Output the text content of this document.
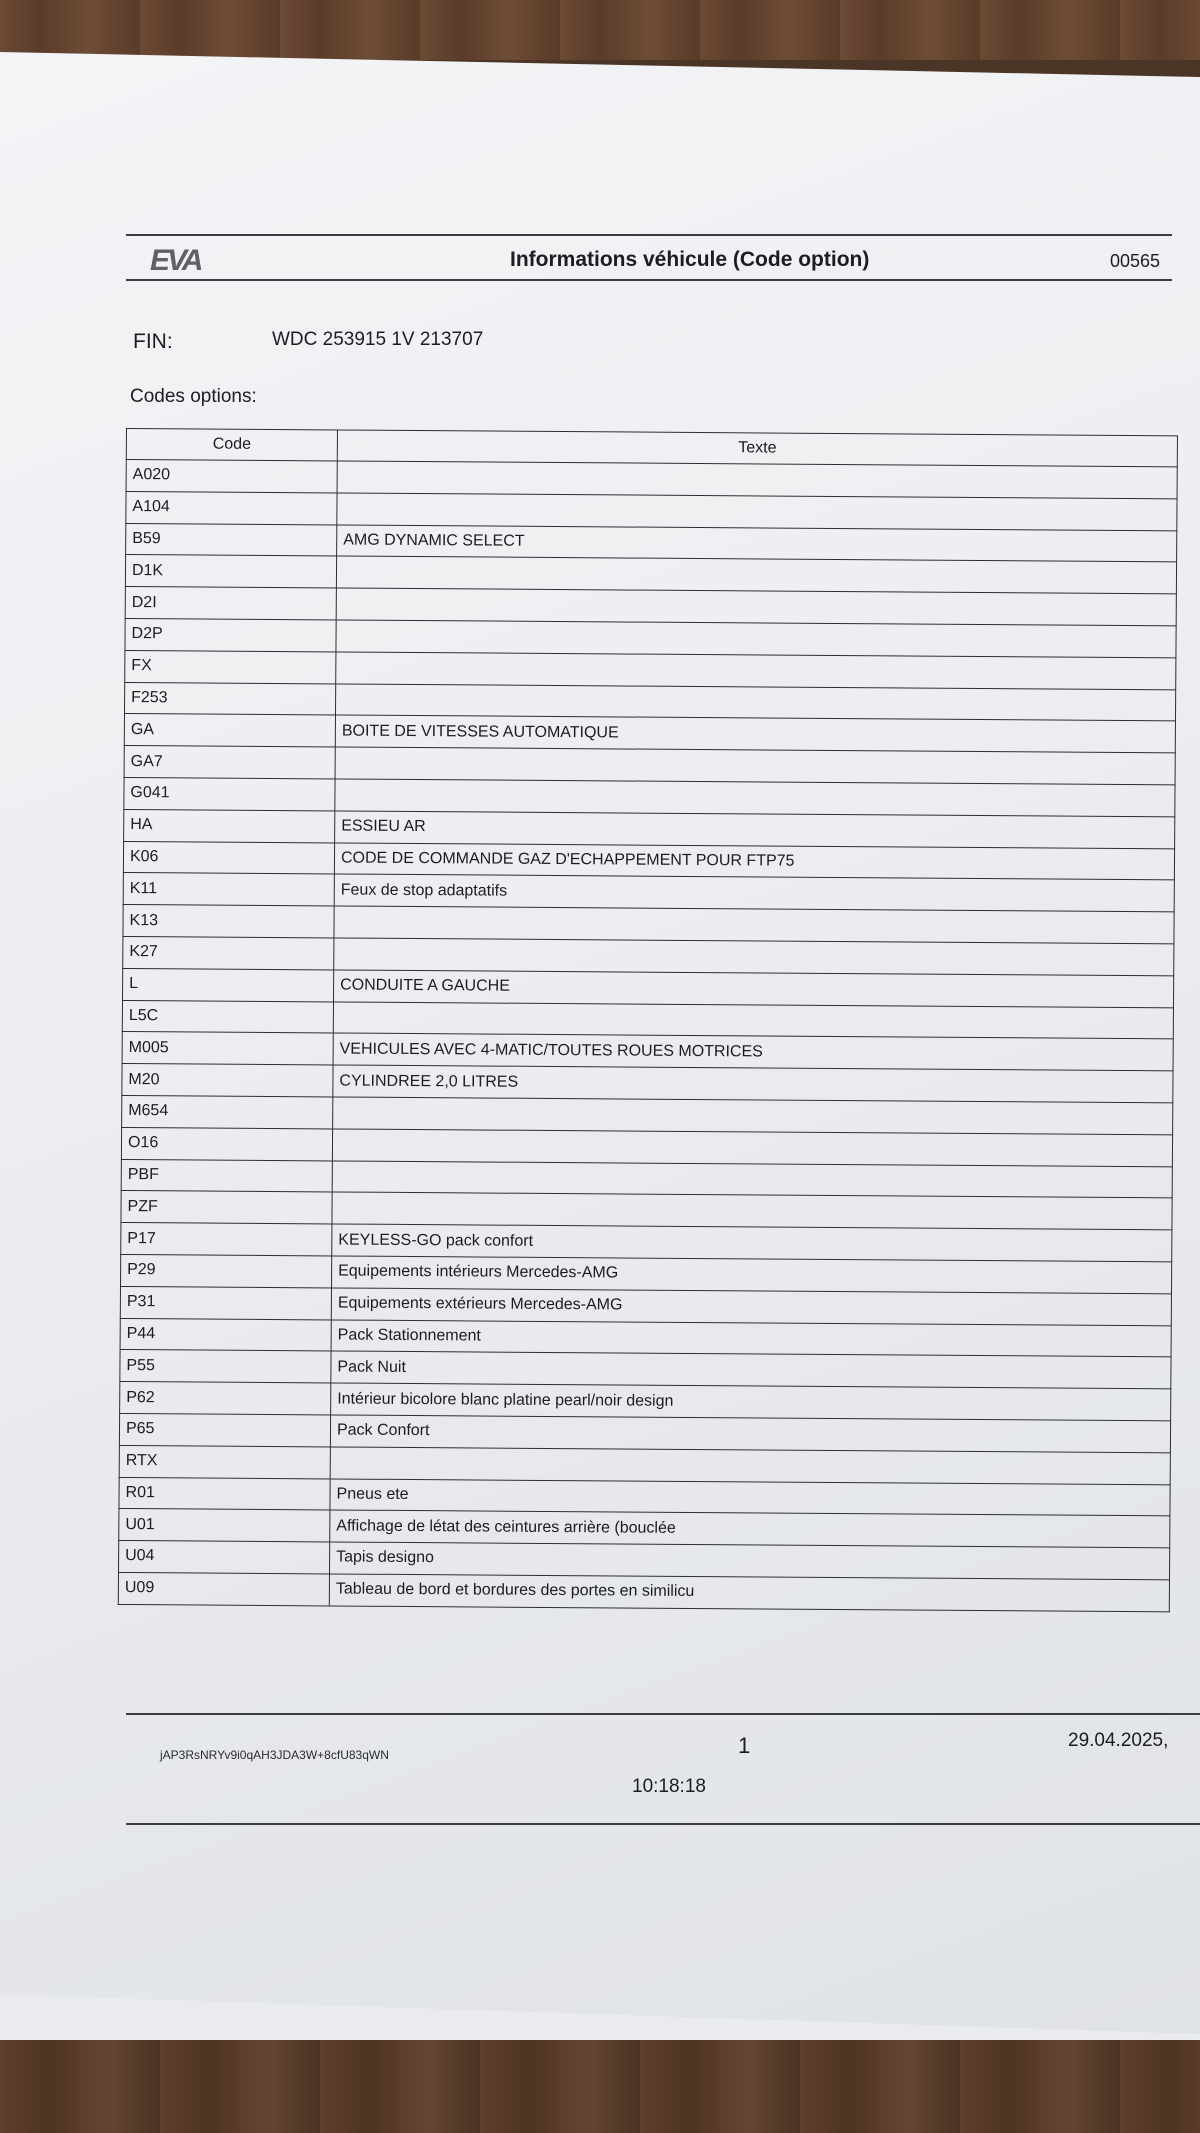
EVA	Informations véhicule (Code option)	00565
FIN:	WDC 253915 1V 213707
Codes options:
Code	Texte
A020	
A104	
B59	AMG DYNAMIC SELECT
D1K	
D2I	
D2P	
FX	
F253	
GA	BOITE DE VITESSES AUTOMATIQUE
GA7	
G041	
HA	ESSIEU AR
K06	CODE DE COMMANDE GAZ D'ECHAPPEMENT POUR FTP75
K11	Feux de stop adaptatifs
K13	
K27	
L	CONDUITE A GAUCHE
L5C	
M005	VEHICULES AVEC 4-MATIC/TOUTES ROUES MOTRICES
M20	CYLINDREE 2,0 LITRES
M654	
O16	
PBF	
PZF	
P17	KEYLESS-GO pack confort
P29	Equipements intérieurs Mercedes-AMG
P31	Equipements extérieurs Mercedes-AMG
P44	Pack Stationnement
P55	Pack Nuit
P62	Intérieur bicolore blanc platine pearl/noir design
P65	Pack Confort
RTX	
R01	Pneus ete
U01	Affichage de létat des ceintures arrière (bouclée
U04	Tapis designo
U09	Tableau de bord et bordures des portes en similicu
jAP3RsNRYv9i0qAH3JDA3W+8cfU83qWN	1	29.04.2025,
10:18:18
